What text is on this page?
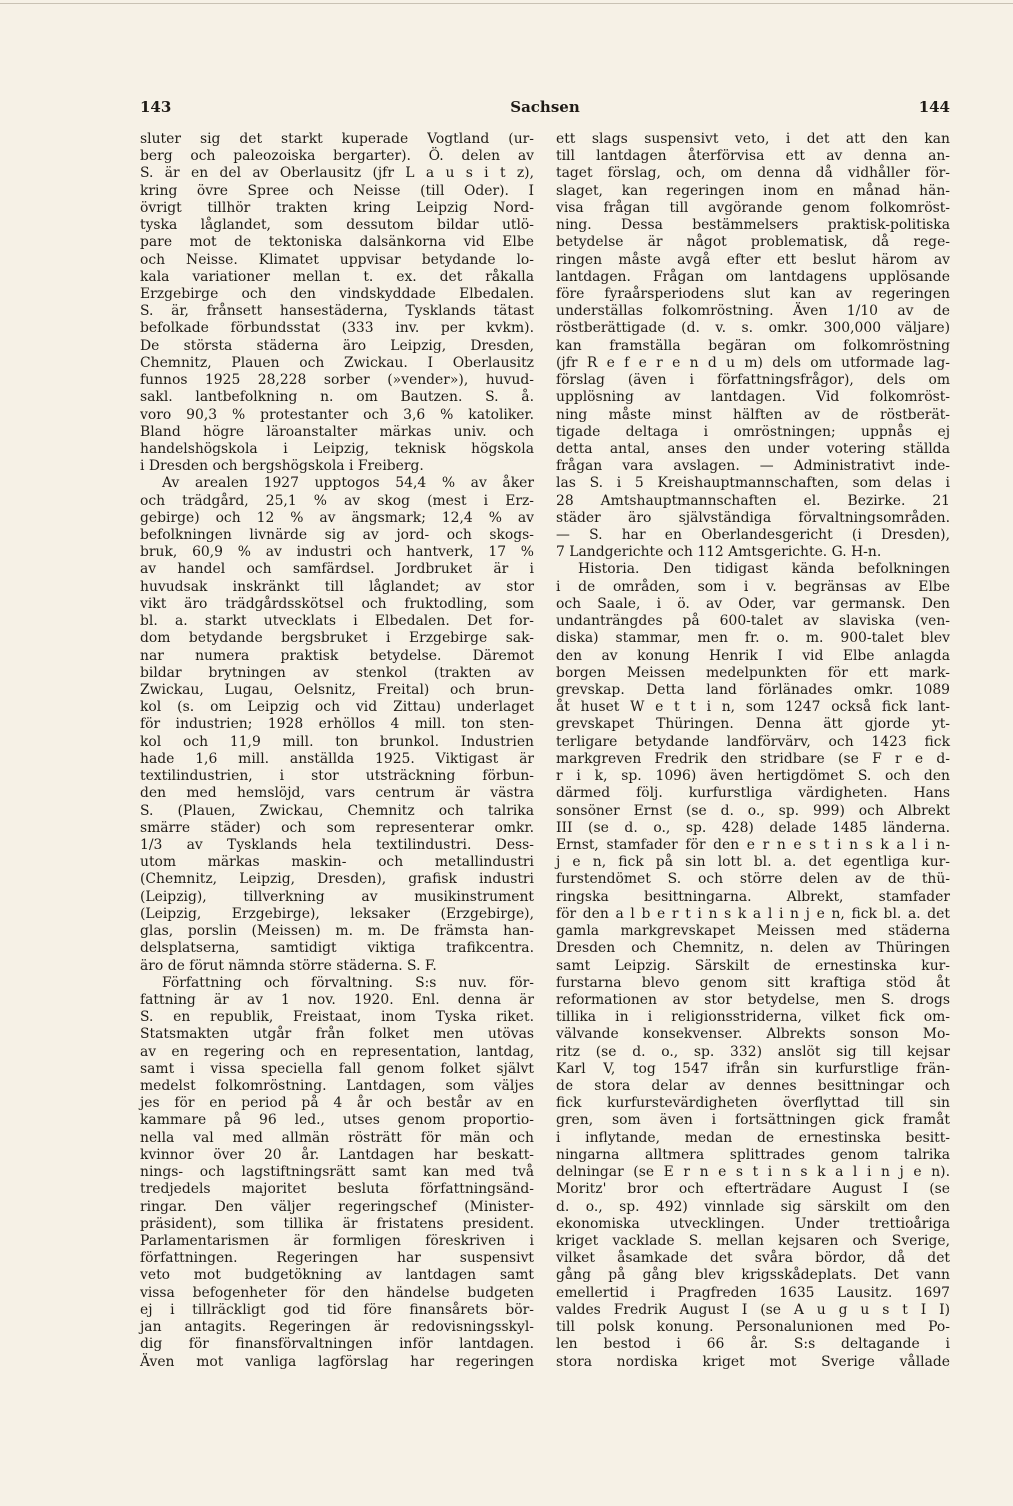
143	Sachsen	144
sluter sig det starkt kuperade Vogtland (ur-
berg och paleozoiska bergarter). Ö. delen av
S. är en del av Oberlausitz (jfr L a u s i t z),
kring övre Spree och Neisse (till Oder). I
övrigt tillhör trakten kring Leipzig Nord-
tyska låglandet, som dessutom bildar utlö-
pare mot de tektoniska dalsänkorna vid Elbe
och Neisse. Klimatet uppvisar betydande lo-
kala variationer mellan t. ex. det råkalla
Erzgebirge och den vindskyddade Elbedalen.
S. är, frånsett hansestäderna, Tysklands tätast
befolkade förbundsstat (333 inv. per kvkm).
De största städerna äro Leipzig, Dresden,
Chemnitz, Plauen och Zwickau. I Oberlausitz
funnos 1925 28,228 sorber (»vender»), huvud-
sakl. lantbefolkning n. om Bautzen. S. å.
voro 90,3 % protestanter och 3,6 % katoliker.
Bland högre läroanstalter märkas univ. och
handelshögskola i Leipzig, teknisk högskola
i Dresden och bergshögskola i Freiberg.
Av arealen 1927 upptogos 54,4 % av åker
och trädgård, 25,1 % av skog (mest i Erz-
gebirge) och 12 % av ängsmark; 12,4 % av
befolkningen livnärde sig av jord- och skogs-
bruk, 60,9 % av industri och hantverk, 17 %
av handel och samfärdsel. Jordbruket är i
huvudsak inskränkt till låglandet; av stor
vikt äro trädgårdsskötsel och fruktodling, som
bl. a. starkt utvecklats i Elbedalen. Det for-
dom betydande bergsbruket i Erzgebirge sak-
nar numera praktisk betydelse. Däremot
bildar brytningen av stenkol (trakten av
Zwickau, Lugau, Oelsnitz, Freital) och brun-
kol (s. om Leipzig och vid Zittau) underlaget
för industrien; 1928 erhöllos 4 mill. ton sten-
kol och 11,9 mill. ton brunkol. Industrien
hade 1,6 mill. anställda 1925. Viktigast är
textilindustrien, i stor utsträckning förbun-
den med hemslöjd, vars centrum är västra
S. (Plauen, Zwickau, Chemnitz och talrika
smärre städer) och som representerar omkr.
1/3 av Tysklands hela textilindustri. Dess-
utom märkas maskin- och metallindustri
(Chemnitz, Leipzig, Dresden), grafisk industri
(Leipzig), tillverkning av musikinstrument
(Leipzig, Erzgebirge), leksaker (Erzgebirge),
glas, porslin (Meissen) m. m. De främsta han-
delsplatserna, samtidigt viktiga trafikcentra.
äro de förut nämnda större städerna. S. F.
Författning och förvaltning. S:s nuv. för-
fattning är av 1 nov. 1920. Enl. denna är
S. en republik, Freistaat, inom Tyska riket.
Statsmakten utgår från folket men utövas
av en regering och en representation, lantdag,
samt i vissa speciella fall genom folket självt
medelst folkomröstning. Lantdagen, som väljes
jes för en period på 4 år och består av en
kammare på 96 led., utses genom proportio-
nella val med allmän rösträtt för män och
kvinnor över 20 år. Lantdagen har beskatt-
nings- och lagstiftningsrätt samt kan med två
tredjedels majoritet besluta författningsänd-
ringar. Den väljer regeringschef (Minister-
präsident), som tillika är fristatens president.
Parlamentarismen är formligen föreskriven i
författningen. Regeringen har suspensivt
veto mot budgetökning av lantdagen samt
vissa befogenheter för den händelse budgeten
ej i tillräckligt god tid före finansårets bör-
jan antagits. Regeringen är redovisningsskyl-
dig för finansförvaltningen inför lantdagen.
Även mot vanliga lagförslag har regeringen
ett slags suspensivt veto, i det att den kan
till lantdagen återförvisa ett av denna an-
taget förslag, och, om denna då vidhåller för-
slaget, kan regeringen inom en månad hän-
visa frågan till avgörande genom folkomröst-
ning. Dessa bestämmelsers praktisk-politiska
betydelse är något problematisk, då rege-
ringen måste avgå efter ett beslut härom av
lantdagen. Frågan om lantdagens upplösande
före fyraårsperiodens slut kan av regeringen
underställas folkomröstning. Även 1/10 av de
röstberättigade (d. v. s. omkr. 300,000 väljare)
kan framställa begäran om folkomröstning
(jfr R e f e r e n d u m) dels om utformade lag-
förslag (även i författningsfrågor), dels om
upplösning av lantdagen. Vid folkomröst-
ning måste minst hälften av de röstberät-
tigade deltaga i omröstningen; uppnås ej
detta antal, anses den under votering ställda
frågan vara avslagen. — Administrativt inde-
las S. i 5 Kreishauptmannschaften, som delas i
28 Amtshauptmannschaften el. Bezirke. 21
städer äro självständiga förvaltningsområden.
— S. har en Oberlandesgericht (i Dresden),
7 Landgerichte och 112 Amtsgerichte. G. H-n.
Historia. Den tidigast kända befolkningen
i de områden, som i v. begränsas av Elbe
och Saale, i ö. av Oder, var germansk. Den
undanträngdes på 600-talet av slaviska (ven-
diska) stammar, men fr. o. m. 900-talet blev
den av konung Henrik I vid Elbe anlagda
borgen Meissen medelpunkten för ett mark-
grevskap. Detta land förlänades omkr. 1089
åt huset W e t t i n, som 1247 också fick lant-
grevskapet Thüringen. Denna ätt gjorde yt-
terligare betydande landförvärv, och 1423 fick
markgreven Fredrik den stridbare (se F r e d-
r i k, sp. 1096) även hertigdömet S. och den
därmed följ. kurfurstliga värdigheten. Hans
sonsöner Ernst (se d. o., sp. 999) och Albrekt
III (se d. o., sp. 428) delade 1485 länderna.
Ernst, stamfader för den e r n e s t i n s k a l i n-
j e n, fick på sin lott bl. a. det egentliga kur-
furstendömet S. och större delen av de thü-
ringska besittningarna. Albrekt, stamfader
för den a l b e r t i n s k a l i n j e n, fick bl. a. det
gamla markgrevskapet Meissen med städerna
Dresden och Chemnitz, n. delen av Thüringen
samt Leipzig. Särskilt de ernestinska kur-
furstarna blevo genom sitt kraftiga stöd åt
reformationen av stor betydelse, men S. drogs
tillika in i religionsstriderna, vilket fick om-
välvande konsekvenser. Albrekts sonson Mo-
ritz (se d. o., sp. 332) anslöt sig till kejsar
Karl V, tog 1547 ifrån sin kurfurstlige frän-
de stora delar av dennes besittningar och
fick kurfurstevärdigheten överflyttad till sin
gren, som även i fortsättningen gick framåt
i inflytande, medan de ernestinska besitt-
ningarna alltmera splittrades genom talrika
delningar (se E r n e s t i n s k a l i n j e n).
Moritz' bror och efterträdare August I (se
d. o., sp. 492) vinnlade sig särskilt om den
ekonomiska utvecklingen. Under trettioåriga
kriget vacklade S. mellan kejsaren och Sverige,
vilket åsamkade det svåra bördor, då det
gång på gång blev krigsskådeplats. Det vann
emellertid i Pragfreden 1635 Lausitz. 1697
valdes Fredrik August I (se A u g u s t I I)
till polsk konung. Personalunionen med Po-
len bestod i 66 år. S:s deltagande i
stora nordiska kriget mot Sverige vållade
